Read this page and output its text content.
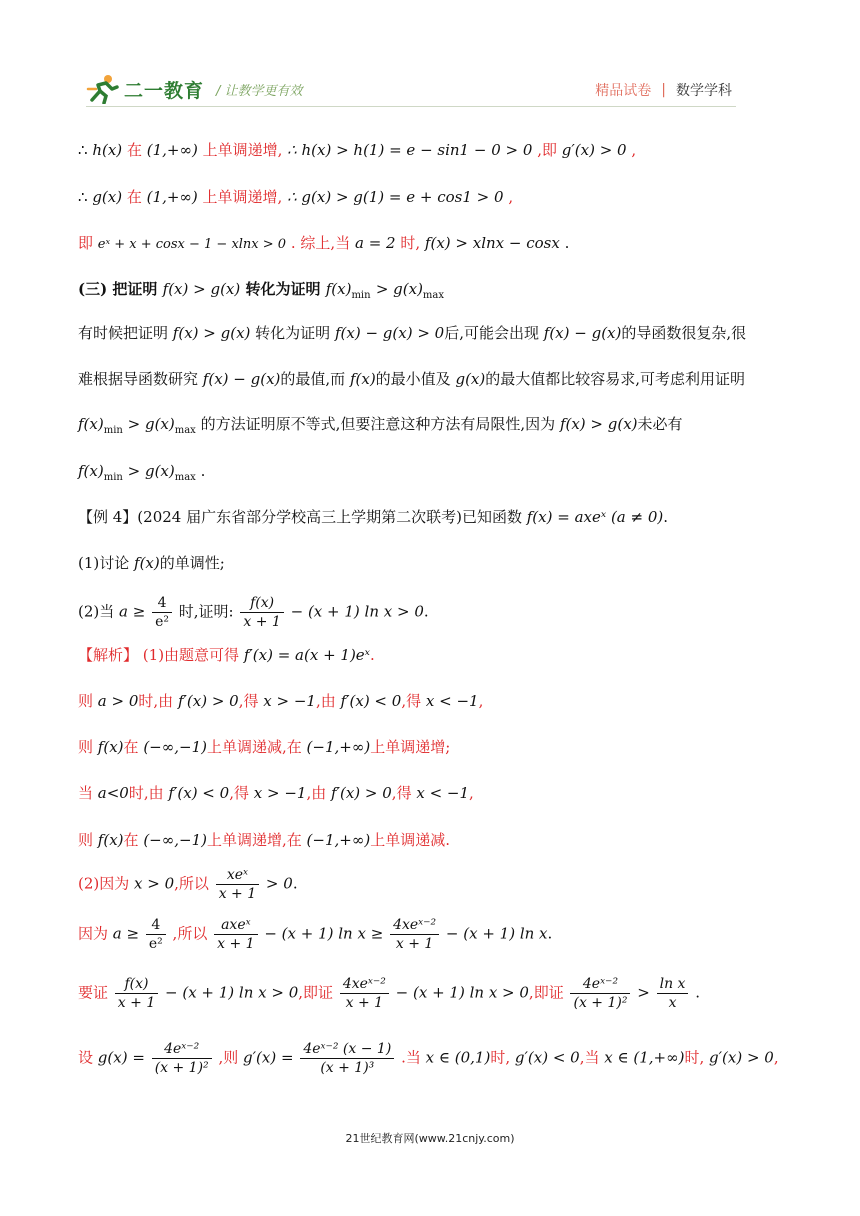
二一教育 / 让教学更有效	精品试卷 | 数学学科
∴ h(x) 在 (1,+∞) 上单调递增, ∴ h(x) > h(1) = e − sin1 − 0 > 0 ,即 g′(x) > 0 ,
∴ g(x) 在 (1,+∞) 上单调递增, ∴ g(x) > g(1) = e + cos1 > 0 ,
即 eˣ + x + cosx − 1 − xlnx > 0 . 综上,当 a = 2 时, f(x) > xlnx − cosx .
(三) 把证明 f(x) > g(x) 转化为证明 $f(x)_{min} > g(x)_{max}$
有时候把证明 f(x) > g(x) 转化为证明 f(x) − g(x) > 0后,可能会出现 f(x) − g(x)的导函数很复杂,很
难根据导函数研究 f(x) − g(x)的最值,而 f(x)的最小值及 g(x)的最大值都比较容易求,可考虑利用证明
$f(x)_{min} > g(x)_{max}$ 的方法证明原不等式,但要注意这种方法有局限性,因为 f(x) > g(x)未必有
$f(x)_{min} > g(x)_{max}$ .
【例 4】(2024 届广东省部分学校高三上学期第二次联考)已知函数 f(x) = axeˣ (a ≠ 0).
(1)讨论 f(x)的单调性;
(2)当 $a \ge \frac{4}{\text{e²}}$ 时,证明: $\frac{f(x)}{x + 1} - (x + 1)$ ln x > 0.
【解析】 (1)由题意可得 f′(x) = a(x + 1)eˣ.
则 a > 0时,由 f′(x) > 0,得 x > −1,由 f′(x) < 0,得 x < −1,
则 f(x)在 (−∞,−1)上单调递减,在 (−1,+∞)上单调递增;
当 a<0时,由 f′(x) < 0,得 x > −1,由 f′(x) > 0,得 x < −1,
则 f(x)在 (−∞,−1)上单调递增,在 (−1,+∞)上单调递减.
(2)因为 x > 0,所以 $\frac{\text{xeˣ}}{x + 1} > 0$.
因为 $a \ge \frac{4}{\text{e²}}$ ,所以 $\frac{\text{axeˣ}}{x + 1} - (x + 1)$ $\ln x \ge \frac{\text{4xeˣ⁻²}}{x + 1} - (x + 1)$ ln x.
要证 $\frac{f(x)}{x + 1} - (x + 1)$ ln x > 0,即证 $\frac{\text{4xeˣ⁻²}}{x + 1} - (x + 1)$ ln x > 0,即证 $\frac{\text{4eˣ⁻²}}{\text{(x + 1)²}} > \frac{\text{ln x}}{x}$ .
设 $g(x) = \frac{\text{4eˣ⁻²}}{\text{(x + 1)²}}$ ,则 $g'(x) = \frac{\text{4eˣ⁻² (x − 1)}}{\text{(x + 1)³}}$ .当 x ∈ (0,1)时, g′(x) < 0,当 x ∈ (1,+∞)时, g′(x) > 0,
21世纪教育网(www.21cnjy.com)
